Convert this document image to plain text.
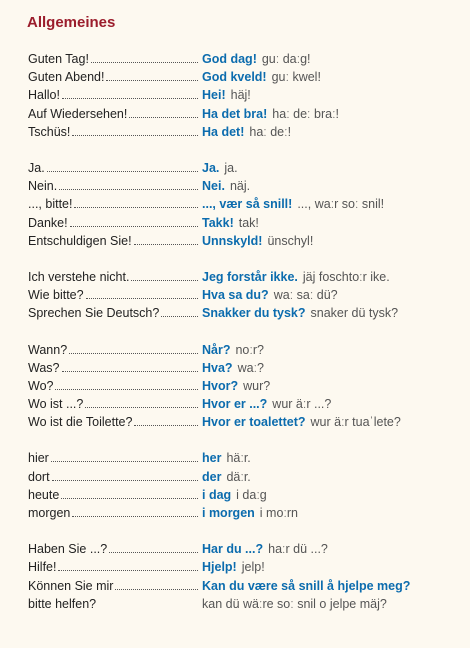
Allgemeines
Guten Tag!	God dag! guː daːg!
Guten Abend!	God kveld! guː kwel!
Hallo!	Hei! häj!
Auf Wiedersehen!	Ha det bra! haː deː braː!
Tschüs!	Ha det! haː deː!
Ja.	Ja. ja.
Nein.	Nei. näj.
..., bitte!	..., vær så snill! ..., waːr soː snil!
Danke!	Takk! tak!
Entschuldigen Sie!	Unnskyld! ünschyl!
Ich verstehe nicht.	Jeg forstår ikke. jäj foschtoːr ike.
Wie bitte?	Hva sa du? waː saː dü?
Sprechen Sie Deutsch?	Snakker du tysk? snaker dü tysk?
Wann?	Når? noːr?
Was?	Hva? waː?
Wo?	Hvor? wur?
Wo ist ...?	Hvor er ...? wur äːr ...?
Wo ist die Toilette?	Hvor er toalettet? wur äːr tuaˈlete?
hier	her häːr.
dort	der däːr.
heute	i dag i daːg
morgen	i morgen i moːrn
Haben Sie ...?	Har du ...? haːr dü ...?
Hilfe!	Hjelp! jelp!
Können Sie mir	Kan du være så snill å hjelpe meg?
bitte helfen?	kan dü wäːre soː snil o jelpe mäj?
